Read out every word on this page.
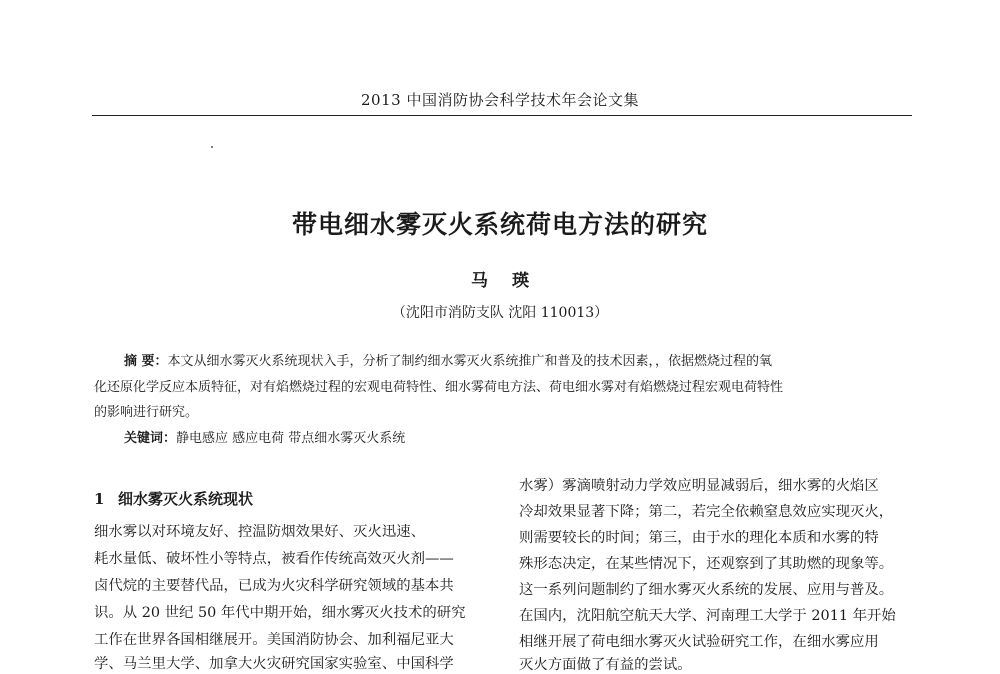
2013 中国消防协会科学技术年会论文集
带电细水雾灭火系统荷电方法的研究
马 瑛
（沈阳市消防支队 沈阳 110013）
摘 要：本文从细水雾灭火系统现状入手，分析了制约细水雾灭火系统推广和普及的技术因素，，依据燃烧过程的氧
化还原化学反应本质特征，对有焰燃烧过程的宏观电荷特性、细水雾荷电方法、荷电细水雾对有焰燃烧过程宏观电荷特性
的影响进行研究。
关键词：静电感应 感应电荷 带点细水雾灭火系统
1 细水雾灭火系统现状
细水雾以对环境友好、控温防烟效果好、灭火迅速、
耗水量低、破坏性小等特点，被看作传统高效灭火剂——
卤代烷的主要替代品，已成为火灾科学研究领域的基本共
识。从 20 世纪 50 年代中期开始，细水雾灭火技术的研究
工作在世界各国相继展开。美国消防协会、加利福尼亚大
学、马兰里大学、加拿大火灾研究国家实验室、中国科学
水雾）雾滴喷射动力学效应明显减弱后，细水雾的火焰区
冷却效果显著下降；第二，若完全依赖窒息效应实现灭火，
则需要较长的时间；第三，由于水的理化本质和水雾的特
殊形态决定，在某些情况下，还观察到了其助燃的现象等。
这一系列问题制约了细水雾灭火系统的发展、应用与普及。
在国内，沈阳航空航天大学、河南理工大学于 2011 年开始
相继开展了荷电细水雾灭火试验研究工作，在细水雾应用
灭火方面做了有益的尝试。
